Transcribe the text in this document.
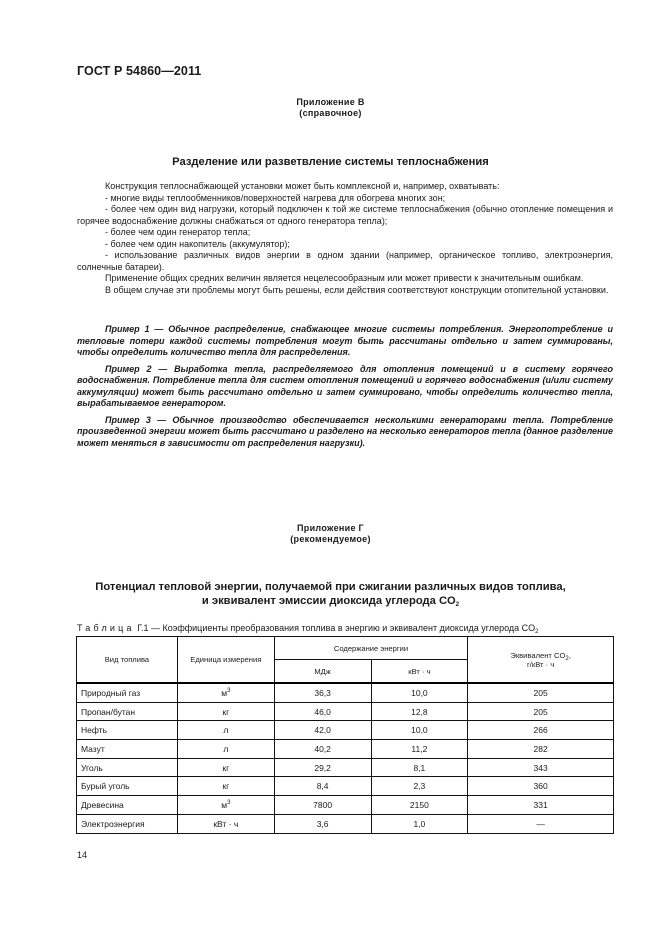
ГОСТ Р 54860—2011
Приложение В
(справочное)
Разделение или разветвление системы теплоснабжения

Конструкция теплоснабжающей установки может быть комплексной и, например, охватывать:

- многие виды теплообменников/поверхностей нагрева для обогрева многих зон;

- более чем один вид нагрузки, который подключен к той же системе теплоснабжения (обычно отопление помещения и горячее водоснабжение должны снабжаться от одного генератора тепла);

- более чем один генератор тепла;

- более чем один накопитель (аккумулятор);

- использование различных видов энергии в одном здании (например, органическое топливо, электроэнергия, солнечные батареи).

Применение общих средних величин является нецелесообразным или может привести к значительным ошибкам.

В общем случае эти проблемы могут быть решены, если действия соответствуют конструкции отопительной установки.

Пример 1 — Обычное распределение, снабжающее многие системы потребления. Энергопотребление и тепловые потери каждой системы потребления могут быть рассчитаны отдельно и затем суммированы, чтобы определить количество тепла для распределения.

Пример 2 — Выработка тепла, распределяемого для отопления помещений и в систему горячего водоснабжения. Потребление тепла для систем отопления помещений и горячего водоснабжения (и/или систему аккумуляции) может быть рассчитано отдельно и затем суммировано, чтобы определить количество тепла, вырабатываемое генератором.

Пример 3 — Обычное производство обеспечивается несколькими генераторами тепла. Потребление произведенной энергии может быть рассчитано и разделено на несколько генераторов тепла (данное разделение может меняться в зависимости от распределения нагрузки).

Приложение Г
(рекомендуемое)
Потенциал тепловой энергии, получаемой при сжигании различных видов топлива,
и эквивалент эмиссии диоксида углерода $CO_2$
Таблица Г.1 — Коэффициенты преобразования топлива в энергию и эквивалент диоксида углерода $CO_2$
Вид топлива	Единица измерения	Содержание энергии		Эквивалент $CO_2$,
г/кВт · ч
		МДж	кВт · ч	
Природный газ	$м^3$	36,3	10,0	205
Пропан/бутан	кг	46,0	12,8	205
Нефть	л	42,0	10,0	266
Мазут	л	40,2	11,2	282
Уголь	кг	29,2	8,1	343
Бурый уголь	кг	8,4	2,3	360
Древесина	$м^3$	7800	2150	331
Электроэнергия	кВт · ч	3,6	1,0	—
14
